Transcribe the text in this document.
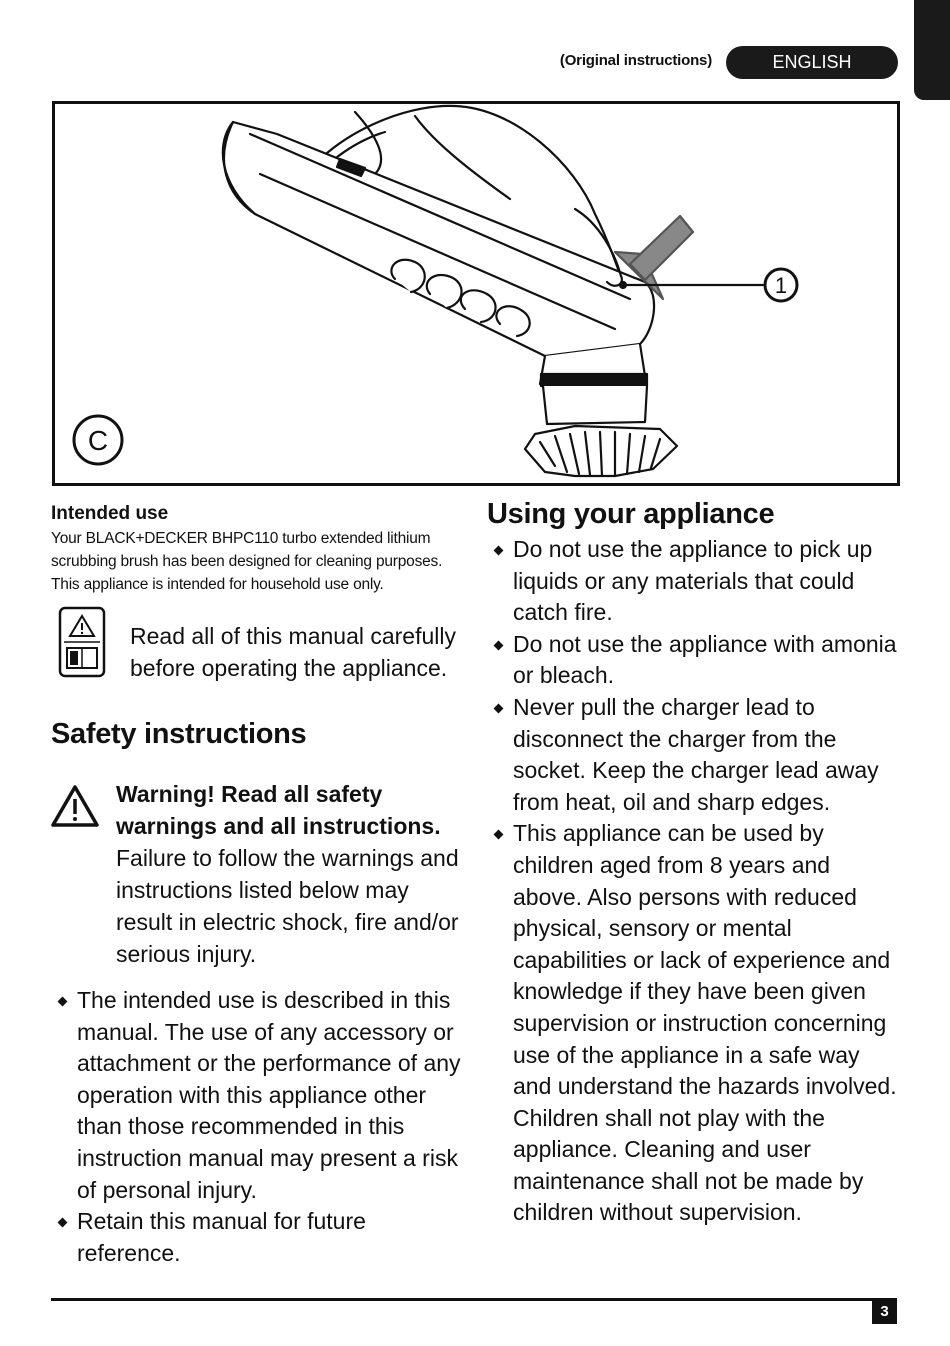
(Original instructions)	ENGLISH
1
C
Intended use
Your BLACK+DECKER BHPC110 turbo extended lithium scrubbing brush has been designed for cleaning purposes. This appliance is intended for household use only.
Read all of this manual carefully before operating the appliance.
Safety instructions
Warning! Read all safety warnings and all instructions. Failure to follow the warnings and instructions listed below may result in electric shock, fire and/or serious injury.
The intended use is described in this manual. The use of any accessory or attachment or the performance of any operation with this appliance other than those recommended in this instruction manual may present a risk of personal injury.
Retain this manual for future reference.
Using your appliance
Do not use the appliance to pick up liquids or any materials that could catch fire.
Do not use the appliance with amonia or bleach.
Never pull the charger lead to disconnect the charger from the socket. Keep the charger lead away from heat, oil and sharp edges.
This appliance can be used by children aged from 8 years and above. Also persons with reduced physical, sensory or mental capabilities or lack of experience and knowledge if they have been given supervision or instruction concerning use of the appliance in a safe way and understand the hazards involved. Children shall not play with the appliance. Cleaning and user maintenance shall not be made by children without supervision.
3
